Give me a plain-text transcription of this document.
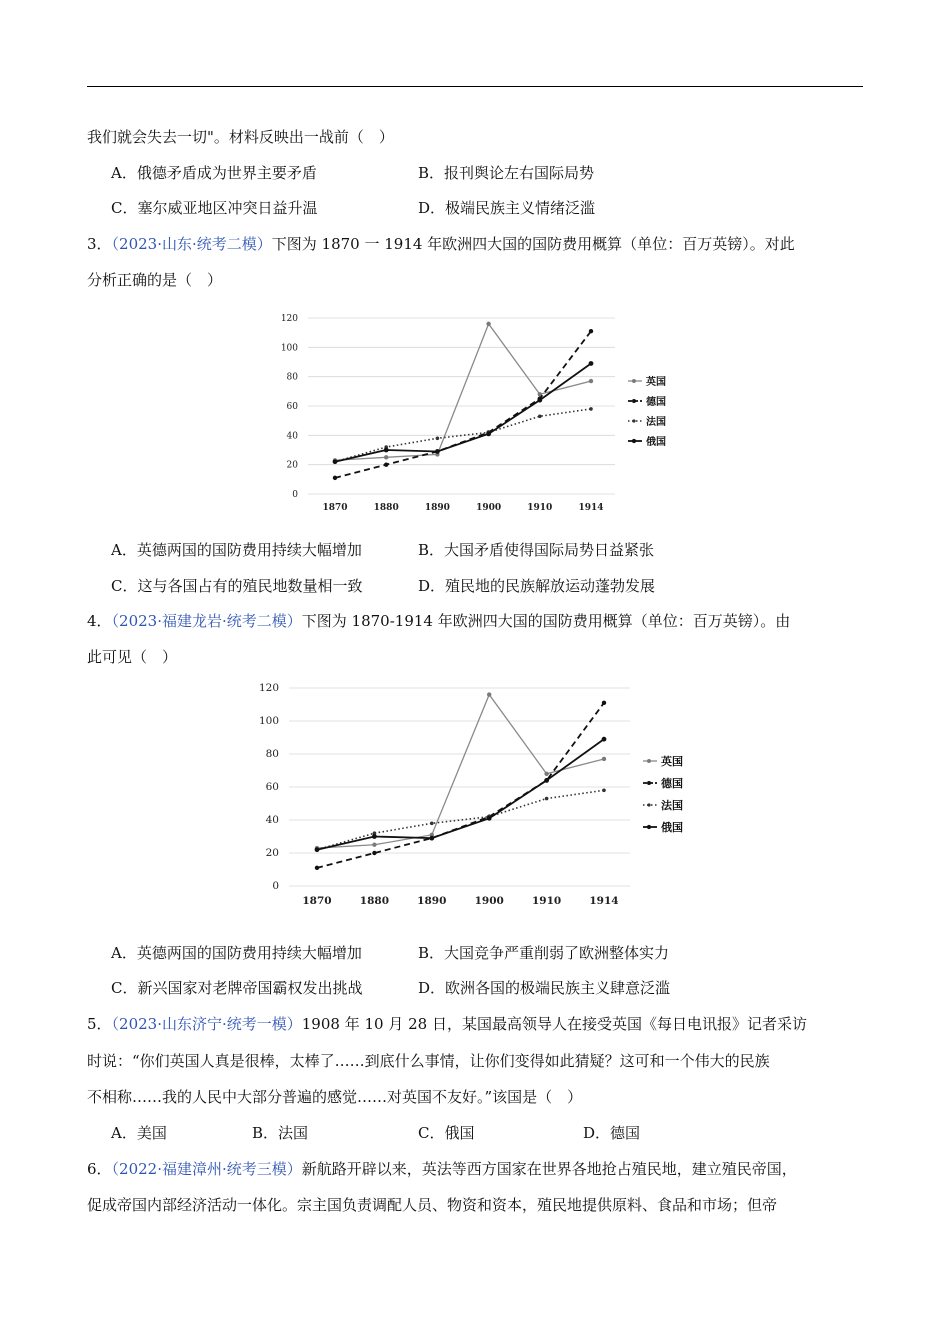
我们就会失去一切"。材料反映出一战前（　）
A．俄德矛盾成为世界主要矛盾	B．报刊舆论左右国际局势
C．塞尔威亚地区冲突日益升温	D．极端民族主义情绪泛滥
3．（2023·山东·统考二模）下图为 1870 一 1914 年欧洲四大国的国防费用概算（单位：百万英镑）。对此
分析正确的是（　）
0
20
40
60
80
100
120
1870	1880	1890	1900	1910	1914
英国
德国
法国
俄国
A．英德两国的国防费用持续大幅增加	B．大国矛盾使得国际局势日益紧张
C．这与各国占有的殖民地数量相一致	D．殖民地的民族解放运动蓬勃发展
4．（2023·福建龙岩·统考二模）下图为 1870-1914 年欧洲四大国的国防费用概算（单位：百万英镑）。由
此可见（　）
0
20
40
60
80
100
120
1870	1880	1890	1900	1910	1914
英国
德国
法国
俄国
A．英德两国的国防费用持续大幅增加	B．大国竞争严重削弱了欧洲整体实力
C．新兴国家对老牌帝国霸权发出挑战	D．欧洲各国的极端民族主义肆意泛滥
5．（2023·山东济宁·统考一模）1908 年 10 月 28 日，某国最高领导人在接受英国《每日电讯报》记者采访
时说：“你们英国人真是很棒，太棒了……到底什么事情，让你们变得如此猜疑？这可和一个伟大的民族
不相称……我的人民中大部分普遍的感觉……对英国不友好。”该国是（　）
A．美国	B．法国	C．俄国	D．德国
6．（2022·福建漳州·统考三模）新航路开辟以来，英法等西方国家在世界各地抢占殖民地，建立殖民帝国，
促成帝国内部经济活动一体化。宗主国负责调配人员、物资和资本，殖民地提供原料、食品和市场；但帝
